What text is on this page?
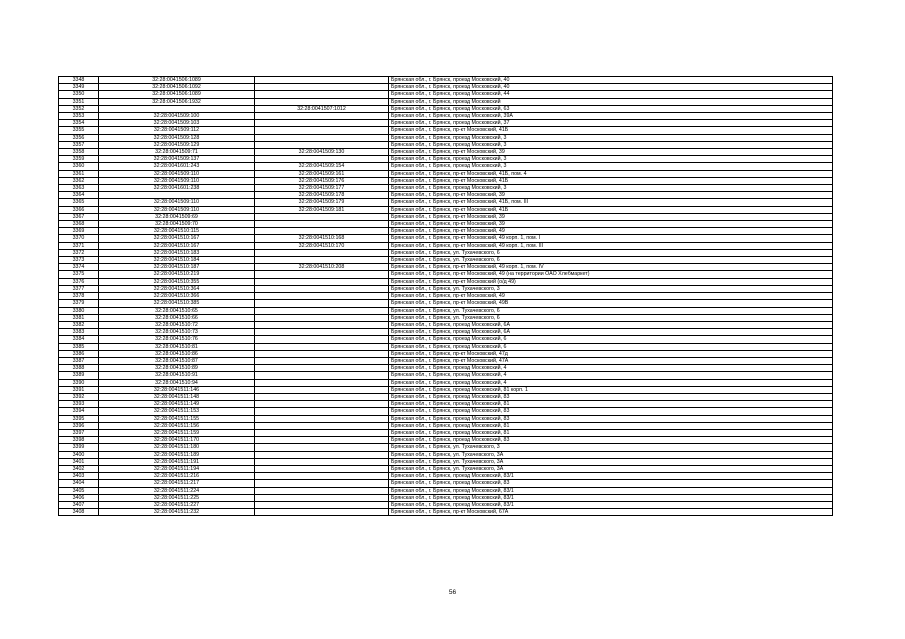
3348	32:28:0041506:1089		Брянская обл., г. Брянск, проезд Московский, 40
3349	32:28:0041506:1092		Брянская обл., г. Брянск, проезд Московский, 40
3350	32:28:0041506:1089		Брянская обл., г. Брянск, проезд Московский, 44
3351	32:28:0041506:1932		Брянская обл., г. Брянск, проезд Московский
3352		32:28:0041507:1012	Брянская обл., г. Брянск, проезд Московский, 63
3353	32:28:0041509:100		Брянская обл., г. Брянск, проезд Московский, 39А
3354	32:28:0041509:103		Брянская обл., г. Брянск, проезд Московский, 37
3355	32:28:0041509:112		Брянская обл., г. Брянск, пр-кт Московский, 41Б
3356	32:28:0041509:128		Брянская обл., г. Брянск, проезд Московский, 3
3357	32:28:0041509:129		Брянская обл., г. Брянск, проезд Московский, 3
3358	32:28:0041509:71	32:28:0041509:130	Брянская обл., г. Брянск, пр-кт Московский, 39
3359	32:28:0041509:137		Брянская обл., г. Брянск, проезд Московский, 3
3360	32:28:0041601:243	32:28:0041509:154	Брянская обл., г. Брянск, проезд Московский, 3
3361	32:28:0041509:110	32:28:0041509:161	Брянская обл., г. Брянск, пр-кт Московский, 41Б, пом. 4
3362	32:28:0041509:110	32:28:0041509:176	Брянская обл., г. Брянск, пр-кт Московский, 41Б
3363	32:28:0041601:238	32:28:0041509:177	Брянская обл., г. Брянск, проезд Московский, 3
3364		32:28:0041509:178	Брянская обл., г. Брянск, пр-кт Московский, 39
3365	32:28:0041509:110	32:28:0041509:179	Брянская обл., г. Брянск, пр-кт Московский, 41Б, пом. III
3366	32:28:0041509:110	32:28:0041509:181	Брянская обл., г. Брянск, пр-кт Московский, 41Б
3367	32:28:0041509:69		Брянская обл., г. Брянск, пр-кт Московский, 39
3368	32:28:0041509:70		Брянская обл., г. Брянск, пр-кт Московский, 39
3369	32:28:0041510:115		Брянская обл., г. Брянск, пр-кт Московский, 49
3370	32:28:0041510:167	32:28:0041510:168	Брянская обл., г. Брянск, пр-кт Московский, 49 корп. 1, пом. I
3371	32:28:0041510:167	32:28:0041510:170	Брянская обл., г. Брянск, пр-кт Московский, 49 корп. 1, пом. III
3372	32:28:0041510:183		Брянская обл., г. Брянск, ул. Тухачевского, 6
3373	32:28:0041510:184		Брянская обл., г. Брянск, ул. Тухачевского, 6
3374	32:28:0041510:187	32:28:0041510:208	Брянская обл., г. Брянск, пр-кт Московский, 49 корп. 1, пом. IV
3375	32:28:0041510:219		Брянская обл., г. Брянск, пр-кт Московский, 49 (на территории ОАО Хлебмаркет)
3376	32:28:0041510:355		Брянская обл., г. Брянск, пр-кт Московский (о/д 49)
3377	32:28:0041510:364		Брянская обл., г. Брянск, ул. Тухачевского, 3
3378	32:28:0041510:366		Брянская обл., г. Брянск, пр-кт Московский, 49
3379	32:28:0041510:385		Брянская обл., г. Брянск, пр-кт Московский, 49В
3380	32:28:0041510:65		Брянская обл., г. Брянск, ул. Тухачевского, 6
3381	32:28:0041510:66		Брянская обл., г. Брянск, ул. Тухачевского, 6
3382	32:28:0041510:72		Брянская обл., г. Брянск, проезд Московский, 6А
3383	32:28:0041510:73		Брянская обл., г. Брянск, проезд Московский, 6А
3384	32:28:0041510:76		Брянская обл., г. Брянск, проезд Московский, 6
3385	32:28:0041510:81		Брянская обл., г. Брянск, проезд Московский, 6
3386	32:28:0041510:86		Брянская обл., г. Брянск, пр-кт Московский, 47д
3387	32:28:0041510:87		Брянская обл., г. Брянск, пр-кт Московский, 47А
3388	32:28:0041510:89		Брянская обл., г. Брянск, проезд Московский, 4
3389	32:28:0041510:91		Брянская обл., г. Брянск, проезд Московский, 4
3390	32:28:0041510:94		Брянская обл., г. Брянск, проезд Московский, 4
3391	32:28:0041511:146		Брянская обл., г. Брянск, проезд Московский, 81 корп. 1
3392	32:28:0041511:148		Брянская обл., г. Брянск, проезд Московский, 83
3393	32:28:0041511:149		Брянская обл., г. Брянск, проезд Московский, 81
3394	32:28:0041511:153		Брянская обл., г. Брянск, проезд Московский, 83
3395	32:28:0041511:155		Брянская обл., г. Брянск, проезд Московский, 83
3396	32:28:0041511:156		Брянская обл., г. Брянск, проезд Московский, 81
3397	32:28:0041511:159		Брянская обл., г. Брянск, проезд Московский, 81
3398	32:28:0041511:170		Брянская обл., г. Брянск, проезд Московский, 83
3399	32:28:0041511:180		Брянская обл., г. Брянск, ул. Тухачевского, 3
3400	32:28:0041511:189		Брянская обл., г. Брянск, ул. Тухачевского, 3А
3401	32:28:0041511:191		Брянская обл., г. Брянск, ул. Тухачевского, 3А
3402	32:28:0041511:194		Брянская обл., г. Брянск, ул. Тухачевского, 3А
3403	32:28:0041511:216		Брянская обл., г. Брянск, проезд Московский, 83/1
3404	32:28:0041511:217		Брянская обл., г. Брянск, проезд Московский, 83
3405	32:28:0041511:224		Брянская обл., г. Брянск, проезд Московский, 83/1
3406	32:28:0041511:225		Брянская обл., г. Брянск, проезд Московский, 83/1
3407	32:28:0041511:227		Брянская обл., г. Брянск, проезд Московский, 83/1
3408	32:28:0041511:232		Брянская обл., г. Брянск, пр-кт Московский, 67А
56
